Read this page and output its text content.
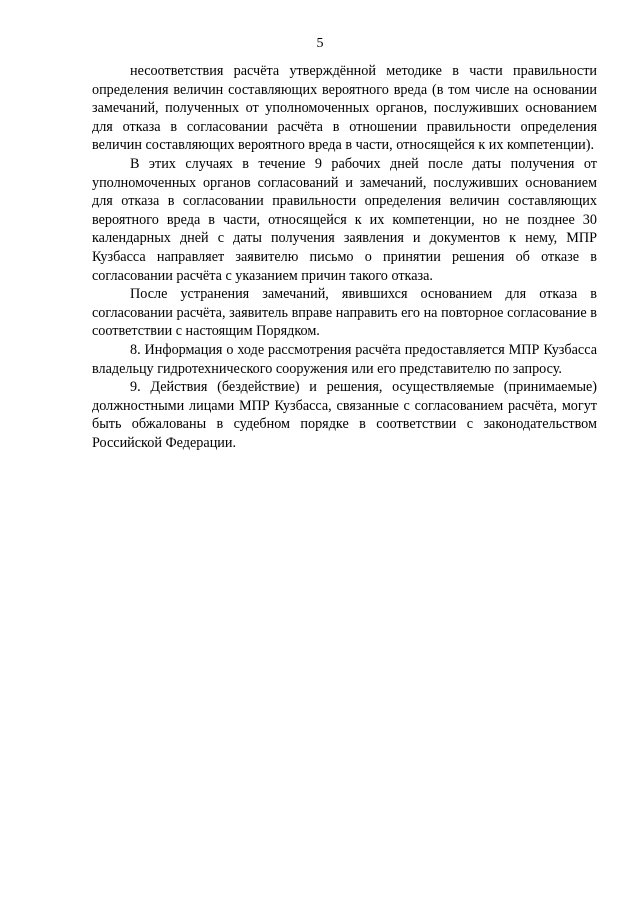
5

несоответствия расчёта утверждённой методике в части правильности определения величин составляющих вероятного вреда (в том числе на основании замечаний, полученных от уполномоченных органов, послуживших основанием для отказа в согласовании расчёта в отношении правильности определения величин составляющих вероятного вреда в части, относящейся к их компетенции).

В этих случаях в течение 9 рабочих дней после даты получения от уполномоченных органов согласований и замечаний, послуживших основанием для отказа в согласовании правильности определения величин составляющих вероятного вреда в части, относящейся к их компетенции, но не позднее 30 календарных дней с даты получения заявления и документов к нему, МПР Кузбасса направляет заявителю письмо о принятии решения об отказе в согласовании расчёта с указанием причин такого отказа.

После устранения замечаний, явившихся основанием для отказа в согласовании расчёта, заявитель вправе направить его на повторное согласование в соответствии с настоящим Порядком.

8. Информация о ходе рассмотрения расчёта предоставляется МПР Кузбасса владельцу гидротехнического сооружения или его представителю по запросу.

9. Действия (бездействие) и решения, осуществляемые (принимаемые) должностными лицами МПР Кузбасса, связанные с согласованием расчёта, могут быть обжалованы в судебном порядке в соответствии с законодательством Российской Федерации.
